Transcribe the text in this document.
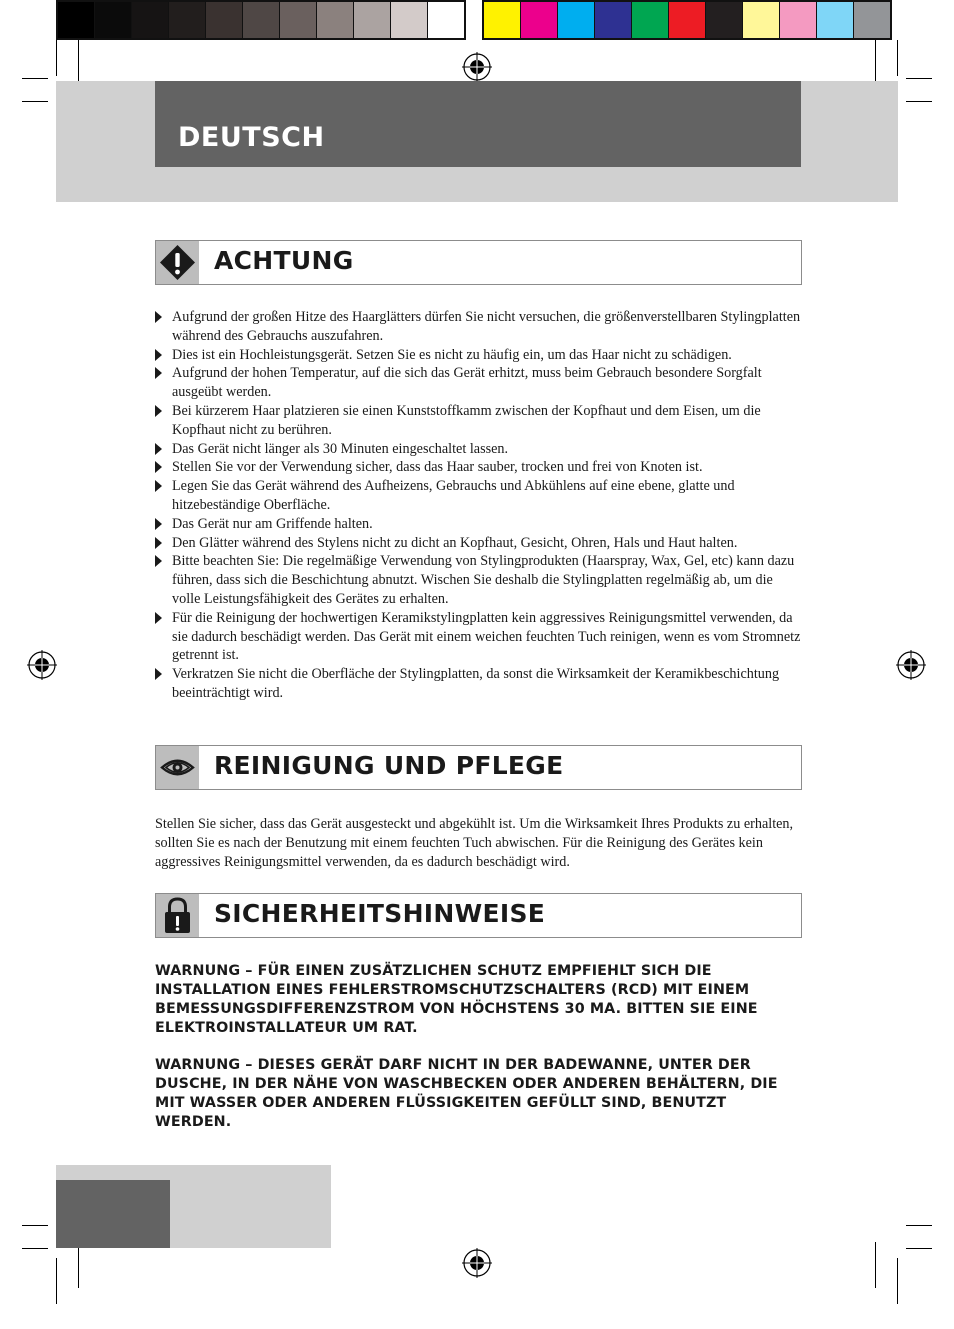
DEUTSCH
ACHTUNG
Aufgrund der großen Hitze des Haarglätters dürfen Sie nicht versuchen, die größenverstellbaren Stylingplatten während des Gebrauchs auszufahren.
Dies ist ein Hochleistungsgerät. Setzen Sie es nicht zu häufig ein, um das Haar nicht zu schädigen.
Aufgrund der hohen Temperatur, auf die sich das Gerät erhitzt, muss beim Gebrauch besondere Sorgfalt ausgeübt werden.
Bei kürzerem Haar platzieren sie einen Kunststoffkamm zwischen der Kopfhaut und dem Eisen, um die Kopfhaut nicht zu berühren.
Das Gerät nicht länger als 30 Minuten eingeschaltet lassen.
Stellen Sie vor der Verwendung sicher, dass das Haar sauber, trocken und frei von Knoten ist.
Legen Sie das Gerät während des Aufheizens, Gebrauchs und Abkühlens auf eine ebene, glatte und hitzebeständige Oberfläche.
Das Gerät nur am Griffende halten.
Den Glätter während des Stylens nicht zu dicht an Kopfhaut, Gesicht, Ohren, Hals und Haut halten.
Bitte beachten Sie: Die regelmäßige Verwendung von Stylingprodukten (Haarspray, Wax, Gel, etc) kann dazu führen, dass sich die Beschichtung abnutzt. Wischen Sie deshalb die Stylingplatten regelmäßig ab, um die volle Leistungsfähigkeit des Gerätes zu erhalten.
Für die Reinigung der hochwertigen Keramikstylingplatten kein aggressives Reinigungsmittel verwenden, da sie dadurch beschädigt werden. Das Gerät mit einem weichen feuchten Tuch reinigen, wenn es vom Stromnetz getrennt ist.
Verkratzen Sie nicht die Oberfläche der Stylingplatten, da sonst die Wirksamkeit der Keramikbeschichtung beeinträchtigt wird.
REINIGUNG UND PFLEGE

Stellen Sie sicher, dass das Gerät ausgesteckt und abgekühlt ist. Um die Wirksamkeit Ihres Produkts zu erhalten, sollten Sie es nach der Benutzung mit einem feuchten Tuch abwischen. Für die Reinigung des Gerätes kein aggressives Reinigungsmittel verwenden, da es dadurch beschädigt wird.

SICHERHEITSHINWEISE

WARNUNG – FÜR EINEN ZUSÄTZLICHEN SCHUTZ EMPFIEHLT SICH DIE INSTALLATION EINES FEHLERSTROMSCHUTZSCHALTERS (RCD) MIT EINEM BEMESSUNGSDIFFERENZSTROM VON HÖCHSTENS 30 MA. BITTEN SIE EINE ELEKTROINSTALLATEUR UM RAT.

WARNUNG – DIESES GERÄT DARF NICHT IN DER BADEWANNE, UNTER DER DUSCHE, IN DER NÄHE VON WASCHBECKEN ODER ANDEREN BEHÄLTERN, DIE MIT WASSER ODER ANDEREN FLÜSSIGKEITEN GEFÜLLT SIND, BENUTZT WERDEN.
